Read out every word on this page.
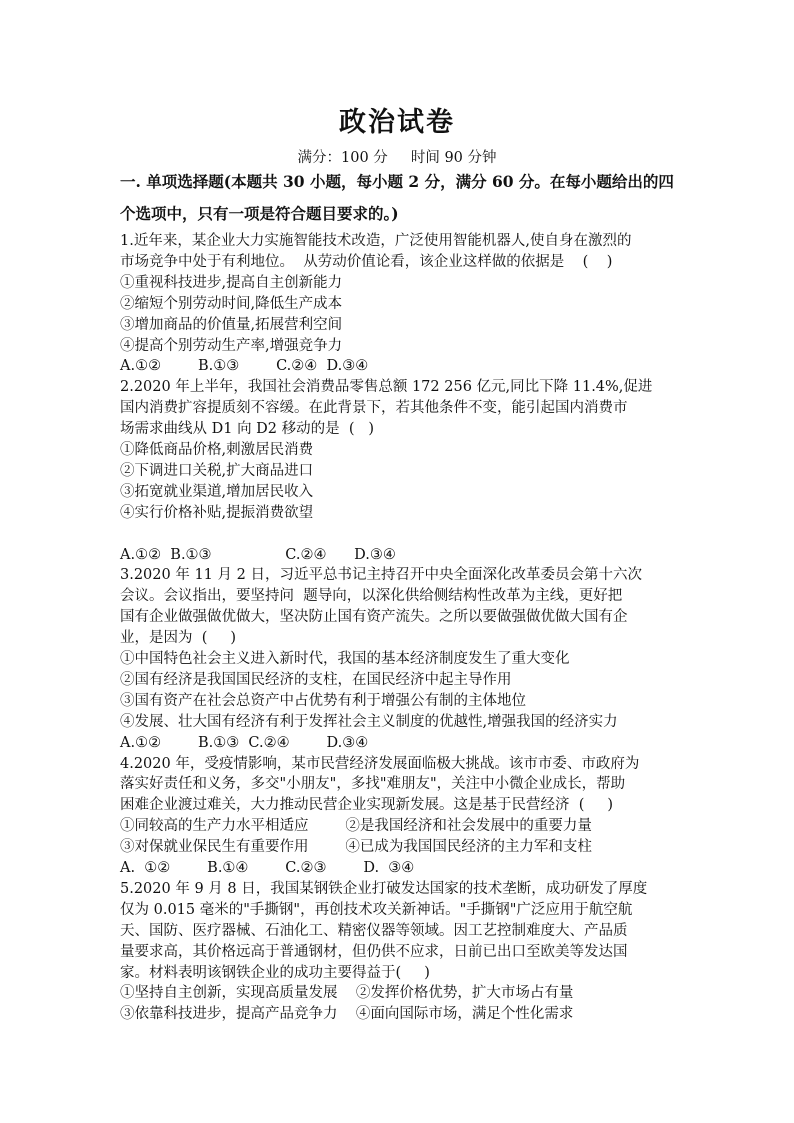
政治试卷
满分：100 分     时间 90 分钟
一. 单项选择题(本题共 30 小题，每小题 2 分，满分 60 分。在每小题给出的四
个选项中，只有一项是符合题目要求的。)
1.近年来，某企业大力实施智能技术改造，广泛使用智能机器人,使自身在激烈的
市场竞争中处于有利地位。  从劳动价值论看，该企业这样做的依据是    (    )
①重视科技进步,提高自主创新能力
②缩短个别劳动时间,降低生产成本
③增加商品的价值量,拓展营利空间
④提高个别劳动生产率,增强竞争力
A.①②        B.①③        C.②④  D.③④
2.2020 年上半年，我国社会消费品零售总额 172 256 亿元,同比下降 11.4%,促进
国内消费扩容提质刻不容缓。在此背景下，若其他条件不变，能引起国内消费市
场需求曲线从 D1 向 D2 移动的是  (   )
①降低商品价格,刺激居民消费
②下调进口关税,扩大商品进口
③拓宽就业渠道,增加居民收入
④实行价格补贴,提振消费欲望
A.①②  B.①③                C.②④      D.③④
3.2020 年 11 月 2 日，习近平总书记主持召开中央全面深化改革委员会第十六次
会议。会议指出，要坚持问  题导向，以深化供给侧结构性改革为主线，更好把
国有企业做强做优做大，坚决防止国有资产流失。之所以要做强做优做大国有企
业，是因为  (     )
①中国特色社会主义进入新时代，我国的基本经济制度发生了重大变化
②国有经济是我国国民经济的支柱，在国民经济中起主导作用
③国有资产在社会总资产中占优势有利于增强公有制的主体地位
④发展、壮大国有经济有利于发挥社会主义制度的优越性,增强我国的经济实力
A.①②        B.①③  C.②④        D.③④
4.2020 年，受疫情影响，某市民营经济发展面临极大挑战。该市市委、市政府为
落实好责任和义务，多交"小朋友"，多找"难朋友"，关注中小微企业成长，帮助
困难企业渡过难关，大力推动民营企业实现新发展。这是基于民营经济  (     )
①同较高的生产力水平相适应        ②是我国经济和社会发展中的重要力量
③对保就业保民生有重要作用        ④已成为我国国民经济的主力军和支柱
A.  ①②        B.①④        C.②③        D.  ③④
5.2020 年 9 月 8 日，我国某钢铁企业打破发达国家的技术垄断，成功研发了厚度
仅为 0.015 毫米的"手撕钢"，再创技术攻关新神话。"手撕钢"广泛应用于航空航
天、国防、医疗器械、石油化工、精密仪器等领域。因工艺控制难度大、产品质
量要求高，其价格远高于普通钢材，但仍供不应求，日前已出口至欧美等发达国
家。材料表明该钢铁企业的成功主要得益于(     )
①坚持自主创新，实现高质量发展    ②发挥价格优势，扩大市场占有量
③依靠科技进步，提高产品竞争力    ④面向国际市场，满足个性化需求
